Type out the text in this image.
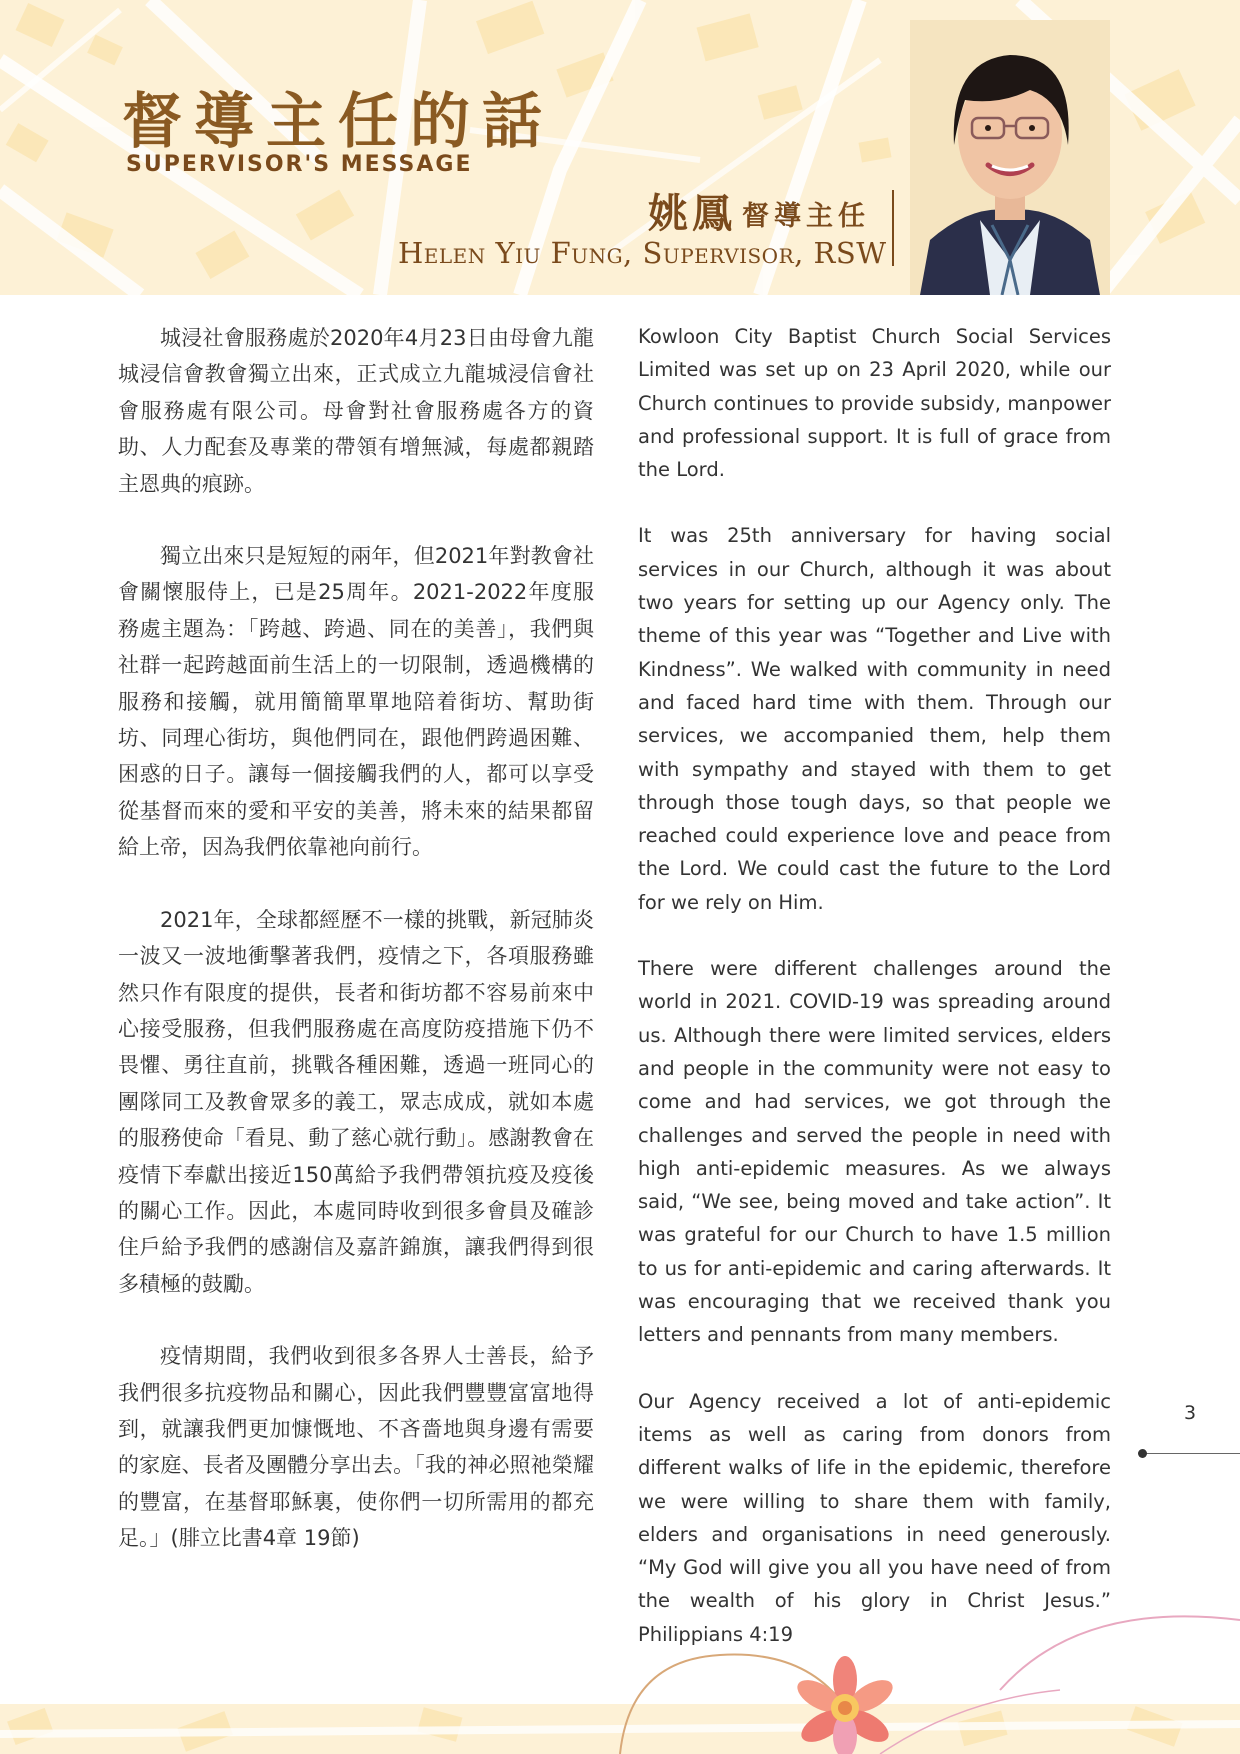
督導主任的話
SUPERVISOR'S MESSAGE
姚鳳 督導主任
Helen Yiu Fung, Supervisor, RSW

城浸社會服務處於2020年4月23日由母會九龍城浸信會教會獨立出來，正式成立九龍城浸信會社會服務處有限公司。母會對社會服務處各方的資助、人力配套及專業的帶領有增無減，每處都親踏主恩典的痕跡。

獨立出來只是短短的兩年，但2021年對教會社會關懷服侍上，已是25周年。2021-2022年度服務處主題為：「跨越、跨過、同在的美善」，我們與社群一起跨越面前生活上的一切限制，透過機構的服務和接觸，就用簡簡單單地陪着街坊、幫助街坊、同理心街坊，與他們同在，跟他們跨過困難、困惑的日子。讓每一個接觸我們的人，都可以享受從基督而來的愛和平安的美善，將未來的結果都留給上帝，因為我們依靠祂向前行。

2021年，全球都經歷不一樣的挑戰，新冠肺炎一波又一波地衝擊著我們，疫情之下，各項服務雖然只作有限度的提供，長者和街坊都不容易前來中心接受服務，但我們服務處在高度防疫措施下仍不畏懼、勇往直前，挑戰各種困難，透過一班同心的團隊同工及教會眾多的義工，眾志成成，就如本處的服務使命「看見、動了慈心就行動」。感謝教會在疫情下奉獻出接近150萬給予我們帶領抗疫及疫後的關心工作。因此，本處同時收到很多會員及確診住戶給予我們的感謝信及嘉許錦旗，讓我們得到很多積極的鼓勵。

疫情期間，我們收到很多各界人士善長，給予我們很多抗疫物品和關心，因此我們豐豐富富地得到，就讓我們更加慷慨地、不吝嗇地與身邊有需要的家庭、長者及團體分享出去。「我的神必照祂榮耀的豐富，在基督耶穌裏，使你們一切所需用的都充足。」(腓立比書4章 19節)

Kowloon City Baptist Church Social Services Limited was set up on 23 April 2020, while our Church continues to provide subsidy, manpower and professional support. It is full of grace from the Lord.

It was 25th anniversary for having social services in our Church, although it was about two years for setting up our Agency only. The theme of this year was “Together and Live with Kindness”. We walked with community in need and faced hard time with them. Through our services, we accompanied them, help them with sympathy and stayed with them to get through those tough days, so that people we reached could experience love and peace from the Lord. We could cast the future to the Lord for we rely on Him.

There were different challenges around the world in 2021. COVID-19 was spreading around us. Although there were limited services, elders and people in the community were not easy to come and had services, we got through the challenges and served the people in need with high anti-epidemic measures. As we always said, “We see, being moved and take action”. It was grateful for our Church to have 1.5 million to us for anti-epidemic and caring afterwards. It was encouraging that we received thank you letters and pennants from many members.

Our Agency received a lot of anti-epidemic items as well as caring from donors from different walks of life in the epidemic, therefore we were willing to share them with family, elders and organisations in need generously. “My God will give you all you have need of from the wealth of his glory in Christ Jesus.” Philippians 4:19

3
